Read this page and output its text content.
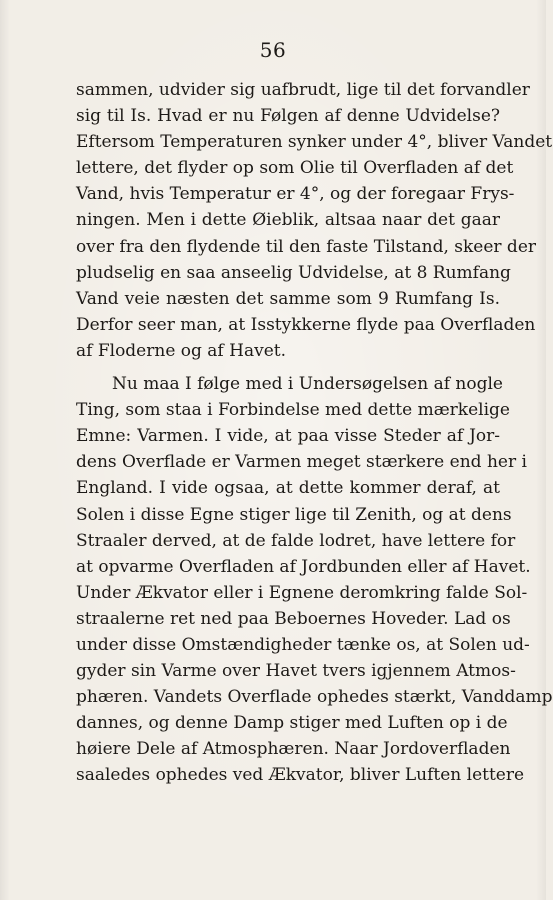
56
sammen, udvider sig uafbrudt, lige til det forvandler
sig til Is. Hvad er nu Følgen af denne Udvidelse?
Eftersom Temperaturen synker under 4°, bliver Vandet
lettere, det flyder op som Olie til Overfladen af det
Vand, hvis Temperatur er 4°, og der foregaar Frys-
ningen. Men i dette Øieblik, altsaa naar det gaar
over fra den flydende til den faste Tilstand, skeer der
pludselig en saa anseelig Udvidelse, at 8 Rumfang
Vand veie næsten det samme som 9 Rumfang Is.
Derfor seer man, at Isstykkerne flyde paa Overfladen
af Floderne og af Havet.
Nu maa I følge med i Undersøgelsen af nogle
Ting, som staa i Forbindelse med dette mærkelige
Emne: Varmen. I vide, at paa visse Steder af Jor-
dens Overflade er Varmen meget stærkere end her i
England. I vide ogsaa, at dette kommer deraf, at
Solen i disse Egne stiger lige til Zenith, og at dens
Straaler derved, at de falde lodret, have lettere for
at opvarme Overfladen af Jordbunden eller af Havet.
Under Ækvator eller i Egnene deromkring falde Sol-
straalerne ret ned paa Beboernes Hoveder. Lad os
under disse Omstændigheder tænke os, at Solen ud-
gyder sin Varme over Havet tvers igjennem Atmos-
phæren. Vandets Overflade ophedes stærkt, Vanddamp
dannes, og denne Damp stiger med Luften op i de
høiere Dele af Atmosphæren. Naar Jordoverfladen
saaledes ophedes ved Ækvator, bliver Luften lettere
